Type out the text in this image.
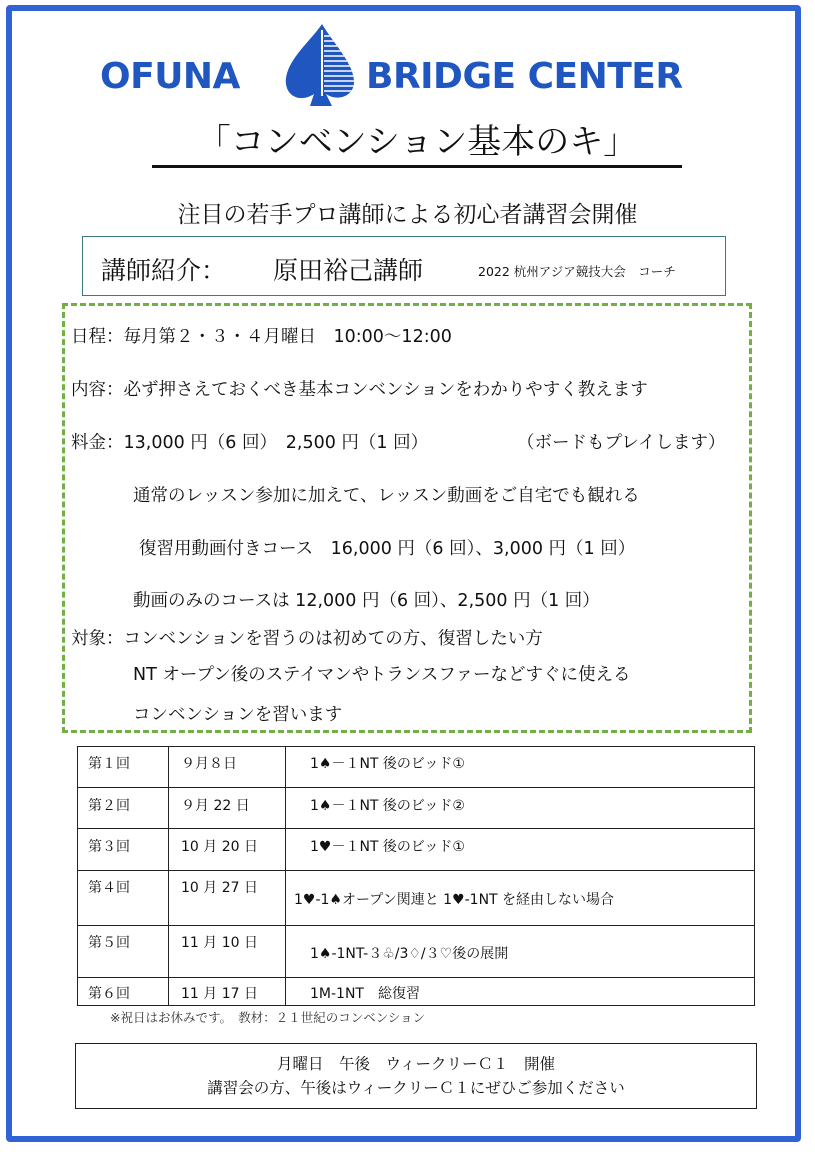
OFUNA	BRIDGE CENTER
「コンベンション基本のキ」
注目の若手プロ講師による初心者講習会開催
講師紹介： 原田裕己講師	2022 杭州アジア競技大会　コーチ
日程：毎月第２・３・４月曜日　10:00～12:00
内容：必ず押さえておくべき基本コンベンションをわかりやすく教えます
料金：13,000 円（6 回）　2,500 円（1 回）	（ボードもプレイします）
通常のレッスン参加に加えて、レッスン動画をご自宅でも観れる
復習用動画付きコース　16,000 円（6 回）、3,000 円（1 回）
動画のみのコースは 12,000 円（6 回）、2,500 円（1 回）
対象：コンベンションを習うのは初めての方、復習したい方
NT オープン後のステイマンやトランスファーなどすぐに使える
コンベンションを習います
第１回	９月８日	1♠－１NT 後のビッド①
第２回	９月 22 日	1♠－１NT 後のビッド②
第３回	10 月 20 日	1♥－１NT 後のビッド①
第４回	10 月 27 日	1♥-1♠オープン関連と 1♥-1NT を経由しない場合
第５回	11 月 10 日	1♠-1NT-３♧/3♢/３♡後の展開
第６回	11 月 17 日	1M-1NT　総復習
※祝日はお休みです。　教材：２１世紀のコンベンション
月曜日　午後　ウィークリーＣ１　開催
講習会の方、午後はウィークリーＣ１にぜひご参加ください
